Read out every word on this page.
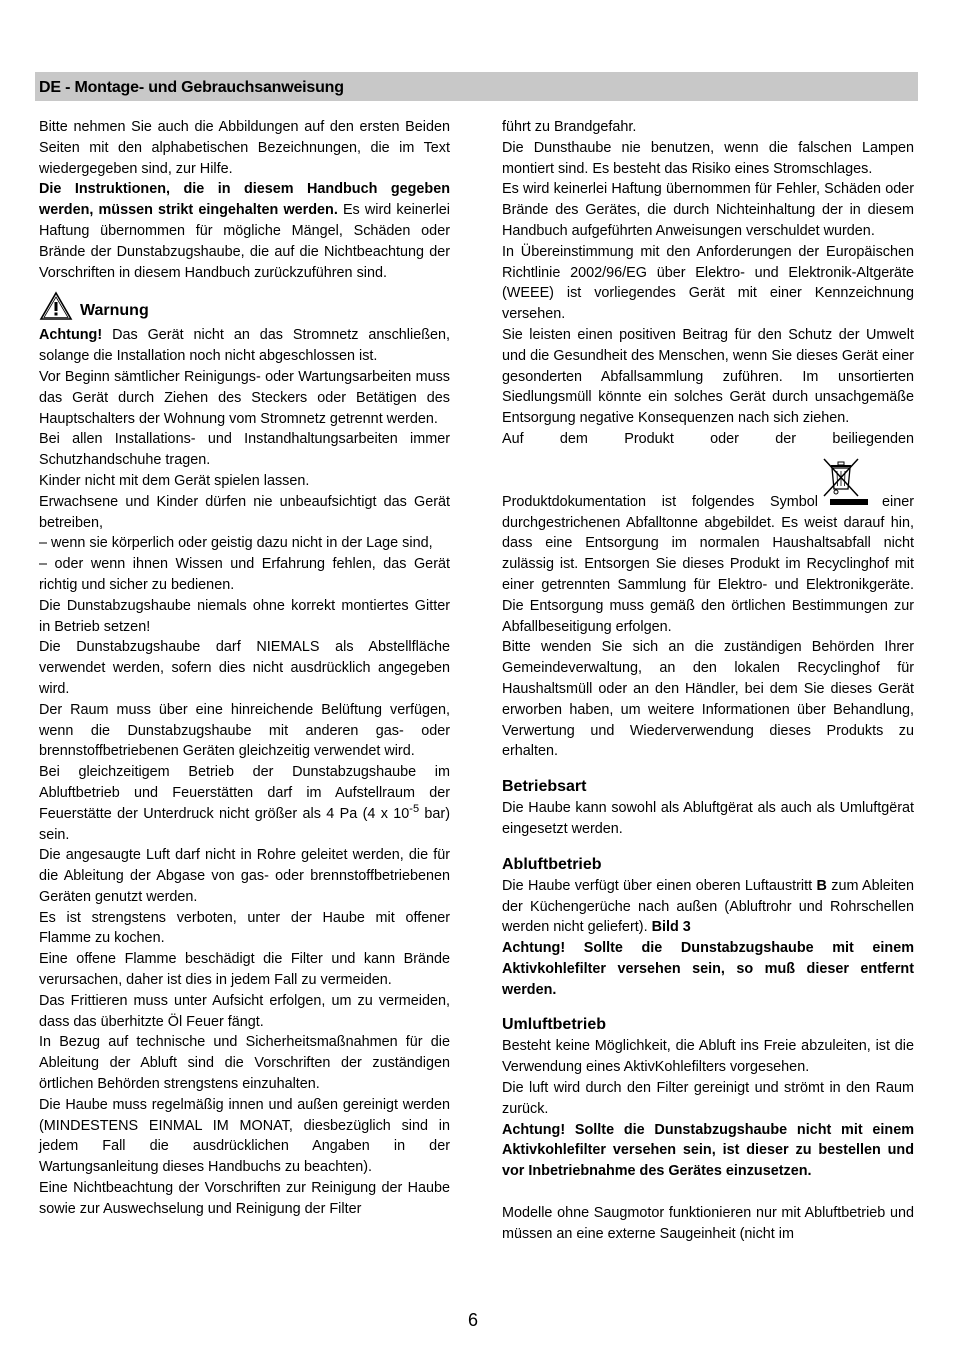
DE - Montage- und Gebrauchsanweisung

Bitte nehmen Sie auch die Abbildungen auf den ersten Beiden Seiten mit den alphabetischen Bezeichnungen, die im Text wiedergegeben sind, zur Hilfe.

Die Instruktionen, die in diesem Handbuch gegeben werden, müssen strikt eingehalten werden. Es wird keinerlei Haftung übernommen für mögliche Mängel, Schäden oder Brände der Dunstabzugshaube, die auf die Nichtbeachtung der Vorschriften in diesem Handbuch zurückzuführen sind.

Warnung

Achtung! Das Gerät nicht an das Stromnetz anschließen, solange die Installation noch nicht abgeschlossen ist.

Vor Beginn sämtlicher Reinigungs- oder Wartungsarbeiten muss das Gerät durch Ziehen des Steckers oder Betätigen des Hauptschalters der Wohnung vom Stromnetz getrennt werden.

Bei allen Installations- und Instandhaltungsarbeiten immer Schutzhandschuhe tragen.

Kinder nicht mit dem Gerät spielen lassen.

Erwachsene und Kinder dürfen nie unbeaufsichtigt das Gerät betreiben,

– wenn sie körperlich oder geistig dazu nicht in der Lage sind,

– oder wenn ihnen Wissen und Erfahrung fehlen, das Gerät richtig und sicher zu bedienen.

Die Dunstabzugshaube niemals ohne korrekt montiertes Gitter in Betrieb setzen!

Die Dunstabzugshaube darf NIEMALS als Abstellfläche verwendet werden, sofern dies nicht ausdrücklich angegeben wird.

Der Raum muss über eine hinreichende Belüftung verfügen, wenn die Dunstabzugshaube mit anderen gas- oder brennstoffbetriebenen Geräten gleichzeitig verwendet wird.

Bei gleichzeitigem Betrieb der Dunstabzugshaube im Abluftbetrieb und Feuerstätten darf im Aufstellraum der Feuerstätte der Unterdruck nicht größer als 4 Pa (4 x $10^{-5}$ bar) sein.

Die angesaugte Luft darf nicht in Rohre geleitet werden, die für die Ableitung der Abgase von gas- oder brennstoffbetriebenen Geräten genutzt werden.

Es ist strengstens verboten, unter der Haube mit offener Flamme zu kochen.

Eine offene Flamme beschädigt die Filter und kann Brände verursachen, daher ist dies in jedem Fall zu vermeiden.

Das Frittieren muss unter Aufsicht erfolgen, um zu vermeiden, dass das überhitzte Öl Feuer fängt.

In Bezug auf technische und Sicherheitsmaßnahmen für die Ableitung der Abluft sind die Vorschriften der zuständigen örtlichen Behörden strengstens einzuhalten.

Die Haube muss regelmäßig innen und außen gereinigt werden (MINDESTENS EINMAL IM MONAT, diesbezüglich sind in jedem Fall die ausdrücklichen Angaben in der Wartungsanleitung dieses Handbuchs zu beachten).

Eine Nichtbeachtung der Vorschriften zur Reinigung der Haube sowie zur Auswechselung und Reinigung der Filter

führt zu Brandgefahr.

Die Dunsthaube nie benutzen, wenn die falschen Lampen montiert sind. Es besteht das Risiko eines Stromschlages.

Es wird keinerlei Haftung übernommen für Fehler, Schäden oder Brände des Gerätes, die durch Nichteinhaltung der in diesem Handbuch aufgeführten Anweisungen verschuldet wurden.

In Übereinstimmung mit den Anforderungen der Europäischen Richtlinie 2002/96/EG über Elektro- und Elektronik-Altgeräte (WEEE) ist vorliegendes Gerät mit einer Kennzeichnung versehen.

Sie leisten einen positiven Beitrag für den Schutz der Umwelt und die Gesundheit des Menschen, wenn Sie dieses Gerät einer gesonderten Abfallsammlung zuführen. Im unsortierten Siedlungsmüll könnte ein solches Gerät durch unsachgemäße Entsorgung negative Konsequenzen nach sich ziehen.

Auf dem Produkt oder der beiliegenden

Produktdokumentation ist folgendes Symbol	einer durchgestrichenen Abfalltonne abgebildet. Es weist darauf hin, dass eine Entsorgung im normalen Haushaltsabfall nicht zulässig ist. Entsorgen Sie dieses Produkt im Recyclinghof mit einer getrennten Sammlung für Elektro- und Elektronikgeräte. Die Entsorgung muss gemäß den örtlichen Bestimmungen zur Abfallbeseitigung erfolgen.

Bitte wenden Sie sich an die zuständigen Behörden Ihrer Gemeindeverwaltung, an den lokalen Recyclinghof für Haushaltsmüll oder an den Händler, bei dem Sie dieses Gerät erworben haben, um weitere Informationen über Behandlung, Verwertung und Wiederverwendung dieses Produkts zu erhalten.

Betriebsart

Die Haube kann sowohl als Abluftgërat als auch als Umluftgërat eingesetzt werden.

Abluftbetrieb

Die Haube verfügt über einen oberen Luftaustritt B zum Ableiten der Küchengerüche nach außen (Abluftrohr und Rohrschellen werden nicht geliefert). Bild 3

Achtung! Sollte die Dunstabzugshaube mit einem Aktivkohlefilter versehen sein, so muß dieser entfernt werden.

Umluftbetrieb

Besteht keine Möglichkeit, die Abluft ins Freie abzuleiten, ist die Verwendung eines AktivKohlefilters vorgesehen.

Die luft wird durch den Filter gereinigt und strömt in den Raum zurück.

Achtung! Sollte die Dunstabzugshaube nicht mit einem Aktivkohlefilter versehen sein, ist dieser zu bestellen und vor Inbetriebnahme des Gerätes einzusetzen.

Modelle ohne Saugmotor funktionieren nur mit Abluftbetrieb und müssen an eine externe Saugeinheit (nicht im

6
